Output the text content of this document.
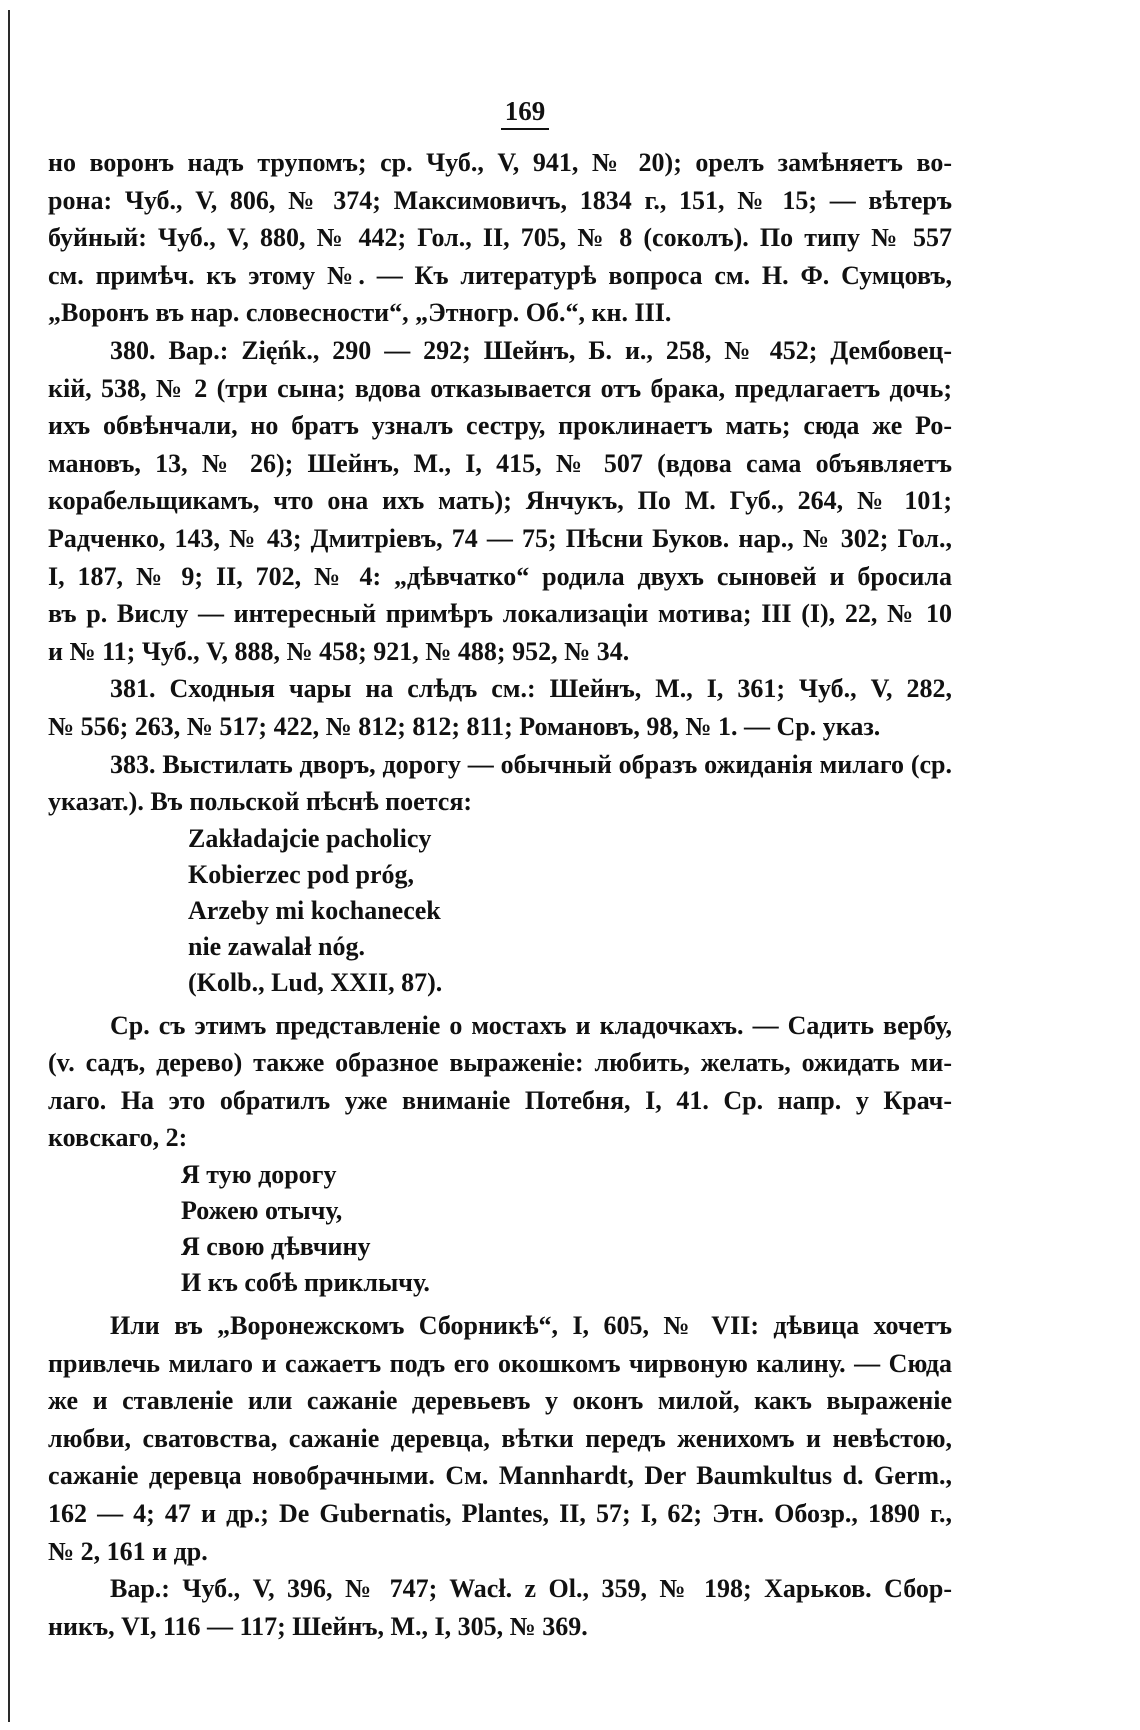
169

но воронъ надъ трупомъ; ср. Чуб., V, 941, № 20); орелъ замѣняетъ во-

рона: Чуб., V, 806, № 374; Максимовичъ, 1834 г., 151, № 15; — вѣтеръ

буйный: Чуб., V, 880, № 442; Гол., II, 705, № 8 (соколъ). По типу № 557

см. примѣч. къ этому №. — Къ литературѣ вопроса см. Н. Ф. Сумцовъ,

„Воронъ въ нар. словесности“, „Этногр. Об.“, кн. III.

380. Вар.: Zięńk., 290 — 292; Шейнъ, Б. и., 258, № 452; Дембовец-

кій, 538, № 2 (три сына; вдова отказывается отъ брака, предлагаетъ дочь;

ихъ обвѣнчали, но братъ узналъ сестру, проклинаетъ мать; сюда же Ро-

мановъ, 13, № 26); Шейнъ, М., I, 415, № 507 (вдова сама объявляетъ

корабельщикамъ, что она ихъ мать); Янчукъ, По М. Губ., 264, № 101;

Радченко, 143, № 43; Дмитріевъ, 74 — 75; Пѣсни Буков. нар., № 302; Гол.,

I, 187, № 9; II, 702, № 4: „дѣвчатко“ родила двухъ сыновей и бросила

въ р. Вислу — интересный примѣръ локализаціи мотива; III (I), 22, № 10

и № 11; Чуб., V, 888, № 458; 921, № 488; 952, № 34.

381. Сходныя чары на слѣдъ см.: Шейнъ, М., I, 361; Чуб., V, 282,

№ 556; 263, № 517; 422, № 812; 812; 811; Романовъ, 98, № 1. — Ср. указ.

383. Выстилать дворъ, дорогу — обычный образъ ожиданія милаго (ср.

указат.). Въ польской пѣснѣ поется:

Zakładajcie pacholicy

Kobierzec pod próg,

Arzeby mi kochanecek

nie zawalał nóg.

(Kolb., Lud, XXII, 87).

Ср. съ этимъ представленіе о мостахъ и кладочкахъ. — Садить вербу,

(v. садъ, дерево) также образное выраженіе: любить, желать, ожидать ми-

лаго. На это обратилъ уже вниманіе Потебня, I, 41. Ср. напр. у Крач-

ковскаго, 2:

Я тую дорогу

Рожею отычу,

Я свою дѣвчину

И къ собѣ приклычу.

Или въ „Воронежскомъ Сборникѣ“, I, 605, № VII: дѣвица хочетъ

привлечь милаго и сажаетъ подъ его окошкомъ чирвоную калину. — Сюда

же и ставленіе или сажаніе деревьевъ у оконъ милой, какъ выраженіе

любви, сватовства, сажаніе деревца, вѣтки передъ женихомъ и невѣстою,

сажаніе деревца новобрачными. См. Mannhardt, Der Baumkultus d. Germ.,

162 — 4; 47 и др.; De Gubernatis, Plantes, II, 57; I, 62; Этн. Обозр., 1890 г.,

№ 2, 161 и др.

Вар.: Чуб., V, 396, № 747; Wacł. z Ol., 359, № 198; Харьков. Сбор-

никъ, VI, 116 — 117; Шейнъ, М., I, 305, № 369.
